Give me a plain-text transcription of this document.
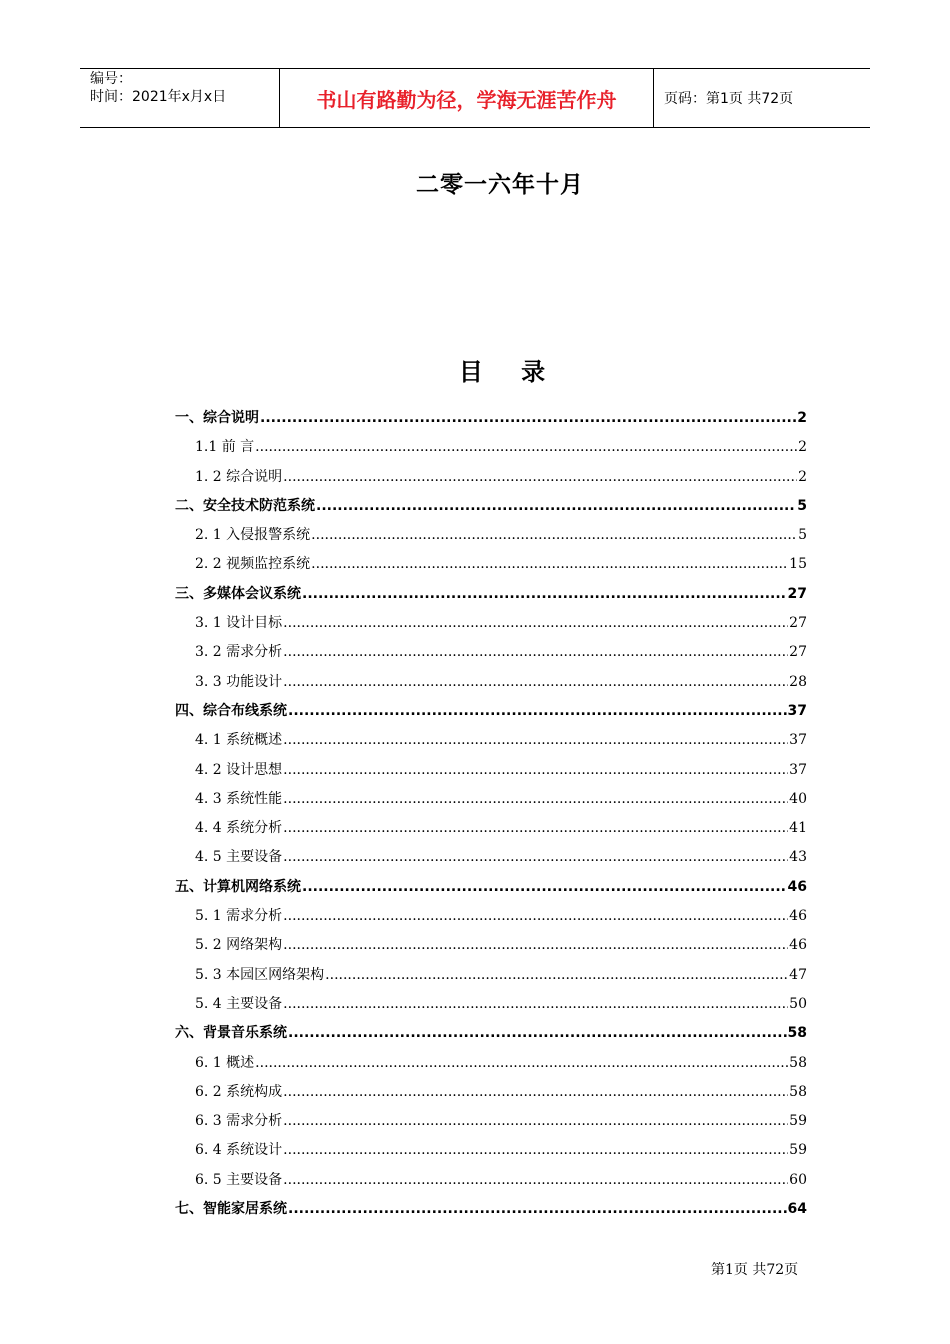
编号：
时间：2021年x月x日	书山有路勤为径，学海无涯苦作舟	页码：第1页 共72页
二零一六年十月
目 录
一、综合说明 .....	2
1.1 前 言 .....	2
1. 2 综合说明 .....	2
二、安全技术防范系统 .....	5
2. 1 入侵报警系统 .....	5
2. 2 视频监控系统 .....	15
三、多媒体会议系统 .....	27
3. 1 设计目标 .....	27
3. 2 需求分析 .....	27
3. 3 功能设计 .....	28
四、综合布线系统 .....	37
4. 1 系统概述 .....	37
4. 2 设计思想 .....	37
4. 3 系统性能 .....	40
4. 4 系统分析 .....	41
4. 5 主要设备 .....	43
五、计算机网络系统 .....	46
5. 1 需求分析 .....	46
5. 2 网络架构 .....	46
5. 3 本园区网络架构 .....	47
5. 4 主要设备 .....	50
六、背景音乐系统 .....	58
6. 1 概述 .....	58
6. 2 系统构成 .....	58
6. 3 需求分析 .....	59
6. 4 系统设计 .....	59
6. 5 主要设备 .....	60
七、智能家居系统 .....	64
第1页 共72页
